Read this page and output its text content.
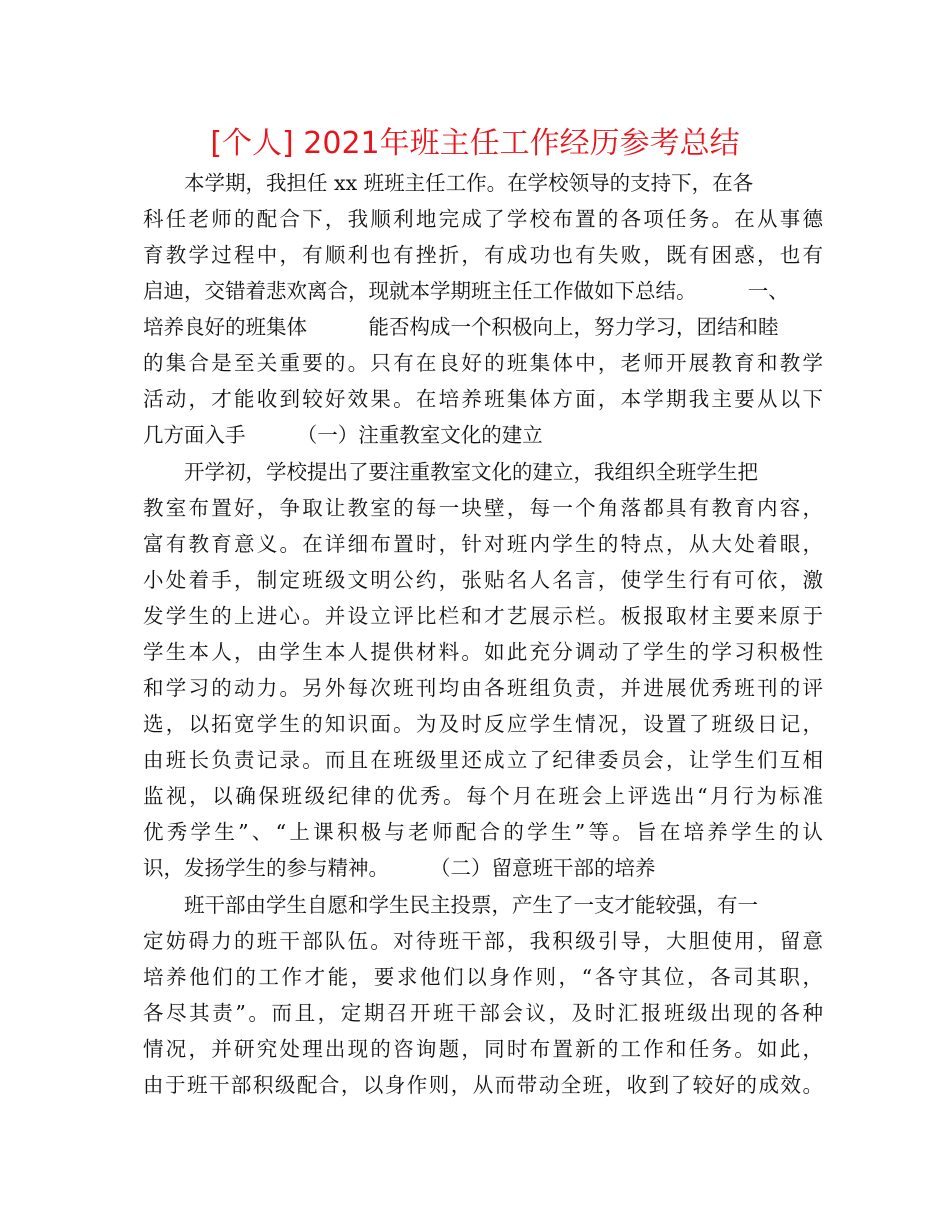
[个人] 2021年班主任工作经历参考总结
　　本学期，我担任 xx 班班主任工作。在学校领导的支持下，在各
科任老师的配合下，我顺利地完成了学校布置的各项任务。在从事德
育教学过程中，有顺利也有挫折，有成功也有失败，既有困惑，也有
启迪，交错着悲欢离合，现就本学期班主任工作做如下总结。　　　一、
培养良好的班集体　　　能否构成一个积极向上，努力学习，团结和睦
的集合是至关重要的。只有在良好的班集体中，老师开展教育和教学
活动，才能收到较好效果。在培养班集体方面，本学期我主要从以下
几方面入手　　　（一）注重教室文化的建立
　　开学初，学校提出了要注重教室文化的建立，我组织全班学生把
教室布置好，争取让教室的每一块壁，每一个角落都具有教育内容，
富有教育意义。在详细布置时，针对班内学生的特点，从大处着眼，
小处着手，制定班级文明公约，张贴名人名言，使学生行有可依，激
发学生的上进心。并设立评比栏和才艺展示栏。板报取材主要来原于
学生本人，由学生本人提供材料。如此充分调动了学生的学习积极性
和学习的动力。另外每次班刊均由各班组负责，并进展优秀班刊的评
选，以拓宽学生的知识面。为及时反应学生情况，设置了班级日记，
由班长负责记录。而且在班级里还成立了纪律委员会，让学生们互相
监视，以确保班级纪律的优秀。每个月在班会上评选出“月行为标准
优秀学生”、“上课积极与老师配合的学生”等。旨在培养学生的认
识，发扬学生的参与精神。　　　（二）留意班干部的培养
　　班干部由学生自愿和学生民主投票，产生了一支才能较强，有一
定妨碍力的班干部队伍。对待班干部，我积级引导，大胆使用，留意
培养他们的工作才能，要求他们以身作则，“各守其位，各司其职，
各尽其责”。而且，定期召开班干部会议，及时汇报班级出现的各种
情况，并研究处理出现的咨询题，同时布置新的工作和任务。如此，
由于班干部积级配合，以身作则，从而带动全班，收到了较好的成效。
